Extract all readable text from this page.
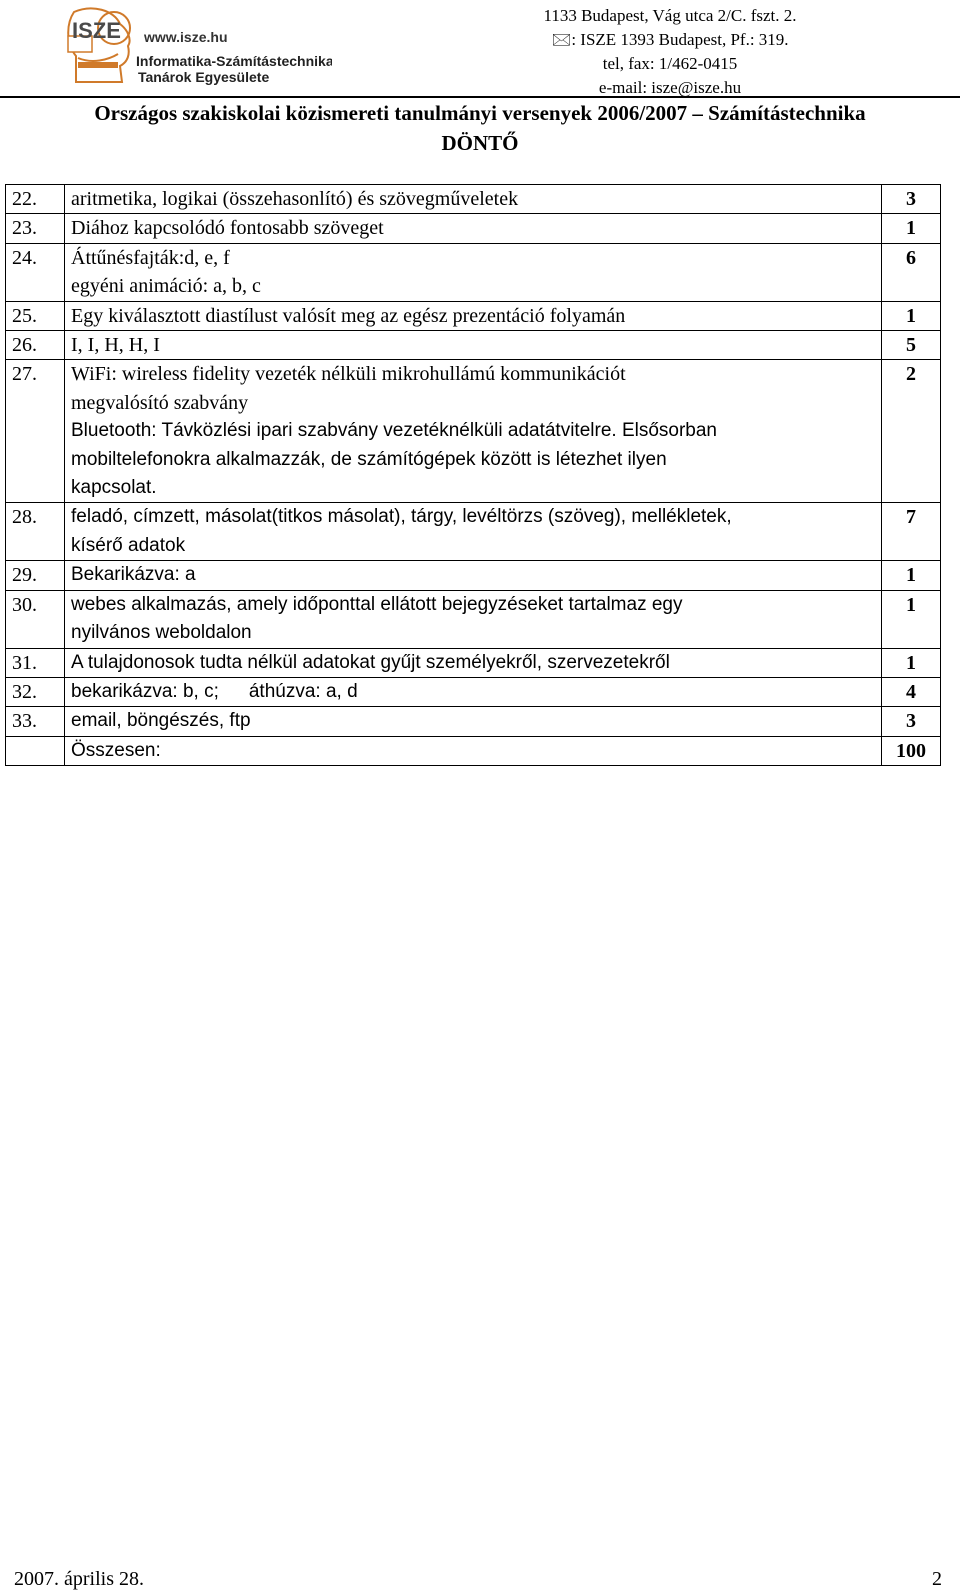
ISZE www.isze.hu
Informatika-Számítástechnika
Tanárok Egyesülete
1133 Budapest, Vág utca 2/C. fszt. 2.
🖂: ISZE 1393 Budapest, Pf.: 319.
tel, fax: 1/462-0415
e-mail: isze@isze.hu
Országos szakiskolai közismereti tanulmányi versenyek 2006/2007 – Számítástechnika
DÖNTŐ
22.	aritmetika, logikai (összehasonlító) és szövegműveletek	3
23.	Diához kapcsolódó fontosabb szöveget	1
24.	Áttűnésfajták:d, e, f
egyéni animáció: a, b, c	6
25.	Egy kiválasztott diastílust valósít meg az egész prezentáció folyamán	1
26.	I, I, H, H, I	5
27.	WiFi: wireless fidelity vezeték nélküli mikrohullámú kommunikációt
megvalósító szabvány
Bluetooth: Távközlési ipari szabvány vezetéknélküli adatátvitelre. Elsősorban
mobiltelefonokra alkalmazzák, de számítógépek között is létezhet ilyen
kapcsolat.	2
28.	feladó, címzett, másolat(titkos másolat), tárgy, levéltörzs (szöveg), mellékletek,
kísérő adatok	7
29.	Bekarikázva: a	1
30.	webes alkalmazás, amely időponttal ellátott bejegyzéseket tartalmaz egy
nyilvános weboldalon	1
31.	A tulajdonosok tudta nélkül adatokat gyűjt személyekről, szervezetekről	1
32.	bekarikázva: b, c; áthúzva: a, d	4
33.	email, böngészés, ftp	3
	Összesen:	100
2007. április 28.	2
